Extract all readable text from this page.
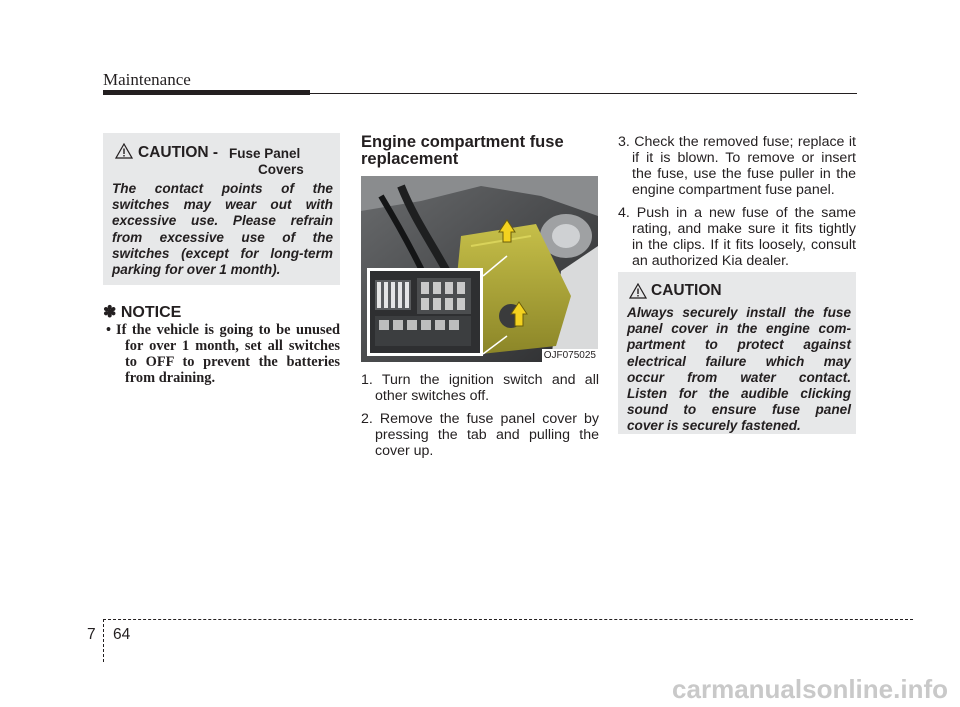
Maintenance
CAUTION - Fuse Panel
Covers
The contact points of the
switches may wear out with
excessive use. Please refrain
from excessive use of the
switches (except for long-term
parking for over 1 month).
✽ NOTICE
• If the vehicle is going to be unused
for over 1 month, set all switches
to OFF to prevent the batteries
from draining.
Engine compartment fuse
replacement
OJF075025
1. Turn the ignition switch and all
other switches off.
2. Remove the fuse panel cover by
pressing the tab and pulling the
cover up.
3. Check the removed fuse; replace it
if it is blown. To remove or insert
the fuse, use the fuse puller in the
engine compartment fuse panel.
4. Push in a new fuse of the same
rating, and make sure it fits tightly
in the clips. If it fits loosely, consult
an authorized Kia dealer.
CAUTION
Always securely install the fuse
panel cover in the engine com-
partment to protect against
electrical failure which may
occur from water contact.
Listen for the audible clicking
sound to ensure fuse panel
cover is securely fastened.
7 64
carmanualsonline.info
